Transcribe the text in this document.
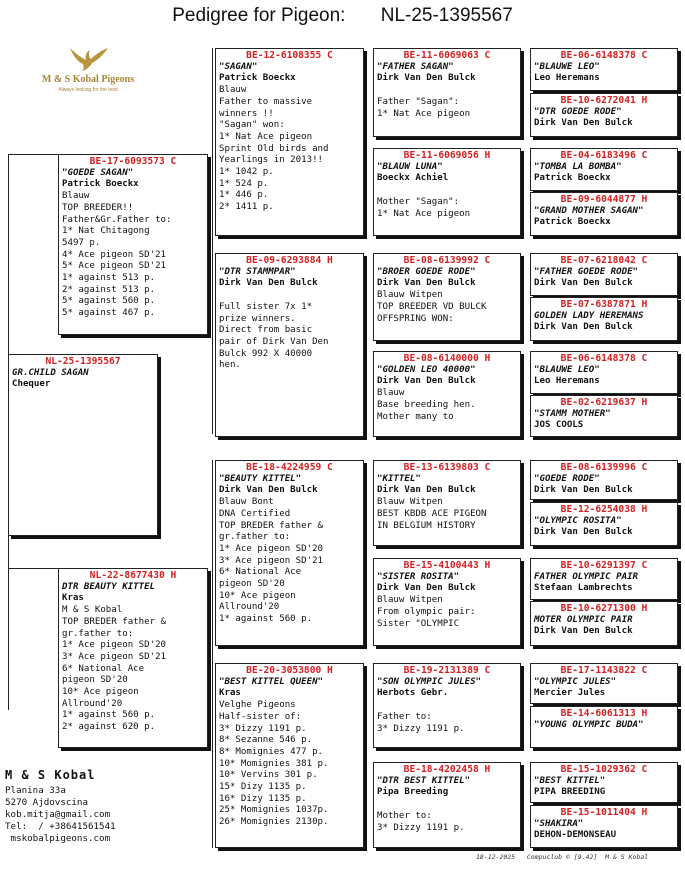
Pedigree for Pigeon: NL-25-1395567
M & S Kobal Pigeons
Always looking for the best
NL-25-1395567
GR.CHILD SAGAN
Chequer
BE-17-6093573 C
"GOEDE SAGAN"
Patrick Boeckx
Blauw
TOP BREEDER!!
Father&Gr.Father to:
1* Nat Chitagong
5497 p.
4* Ace pigeon SD'21
5* Ace pigeon SD'21
1* against 513 p.
2* against 513 p.
5* against 560 p.
5* against 467 p.
NL-22-8677430 H
DTR BEAUTY KITTEL
Kras
M & S Kobal
TOP BREDER father &
gr.father to:
1* Ace pigeon SD'20
3* Ace pigeon SD'21
6* National Ace
pigeon SD'20
10* Ace pigeon
Allround'20
1* against 560 p.
2* against 620 p.
BE-12-6108355 C
"SAGAN"
Patrick Boeckx
Blauw
Father to massive
winners !!
"Sagan" won:
1* Nat Ace pigeon
Sprint Old birds and
Yearlings in 2013!!
1* 1042 p.
1* 524 p.
1* 446 p.
2* 1411 p.
BE-09-6293884 H
"DTR STAMMPAR"
Dirk Van Den Bulck

Full sister 7x 1*
prize winners.
Direct from basic
pair of Dirk Van Den
Bulck 992 X 40000
hen.
BE-18-4224959 C
"BEAUTY KITTEL"
Dirk Van Den Bulck
Blauw Bont
DNA Certified
TOP BREDER father &
gr.father to:
1* Ace pigeon SD'20
3* Ace pigeon SD'21
6* National Ace
pigeon SD'20
10* Ace pigeon
Allround'20
1* against 560 p.
BE-20-3053800 H
"BEST KITTEL QUEEN"
Kras
Velghe Pigeons
Half-sister of:
3* Dizzy 1191 p.
8* Sezanne 546 p.
8* Momignies 477 p.
10* Momignies 381 p.
10* Vervins 301 p.
15* Dizy 1135 p.
16* Dizy 1135 p.
25* Momignies 1037p.
26* Momignies 2130p.
BE-11-6069063 C
"FATHER SAGAN"
Dirk Van Den Bulck

Father "Sagan":
1* Nat Ace pigeon
BE-11-6069056 H
"BLAUW LUNA"
Boeckx Achiel

Mother "Sagan":
1* Nat Ace pigeon
BE-08-6139992 C
"BROER GOEDE RODE"
Dirk Van Den Bulck
Blauw Witpen
TOP BREEDER VD BULCK
OFFSPRING WON:
BE-08-6140000 H
"GOLDEN LEO 40000"
Dirk Van Den Bulck
Blauw
Base breeding hen.
Mother many to
BE-13-6139803 C
"KITTEL"
Dirk Van Den Bulck
Blauw Witpen
BEST KBDB ACE PIGEON
IN BELGIUM HISTORY
BE-15-4100443 H
"SISTER ROSITA"
Dirk Van Den Bulck
Blauw Witpen
From olympic pair:
Sister "OLYMPIC
BE-19-2131389 C
"SON OLYMPIC JULES"
Herbots Gebr.

Father to:
3* Dizzy 1191 p.
BE-18-4202458 H
"DTR BEST KITTEL"
Pipa Breeding

Mother to:
3* Dizzy 1191 p.
BE-06-6148378 C
"BLAUWE LEO"
Leo Heremans
BE-10-6272041 H
"DTR GOEDE RODE"
Dirk Van Den Bulck
BE-04-6183496 C
"TOMBA LA BOMBA"
Patrick Boeckx
BE-09-6044877 H
"GRAND MOTHER SAGAN"
Patrick Boeckx
BE-07-6218042 C
"FATHER GOEDE RODE"
Dirk Van Den Bulck
BE-07-6387871 H
GOLDEN LADY HEREMANS
Dirk Van Den Bulck
BE-06-6148378 C
"BLAUWE LEO"
Leo Heremans
BE-02-6219637 H
"STAMM MOTHER"
JOS COOLS
BE-08-6139996 C
"GOEDE RODE"
Dirk Van Den Bulck
BE-12-6254038 H
"OLYMPIC ROSITA"
Dirk Van Den Bulck
BE-10-6291397 C
FATHER OLYMPIC PAIR
Stefaan Lambrechts
BE-10-6271300 H
MOTER OLYMPIC PAIR
Dirk Van Den Bulck
BE-17-1143822 C
"OLYMPIC JULES"
Mercier Jules
BE-14-6061313 H
"YOUNG OLYMPIC BUDA"
BE-15-1029362 C
"BEST KITTEL"
PIPA BREEDING
BE-15-1011404 H
"SHAKIRA"
DEHON-DEMONSEAU
M & S Kobal
Planina 33a
5270 Ajdovscina
kob.mitja@gmail.com
Tel:  / +38641561541
mskobalpigeons.com
18-12-2025   Compuclub © [9.42]  M & S Kobal
